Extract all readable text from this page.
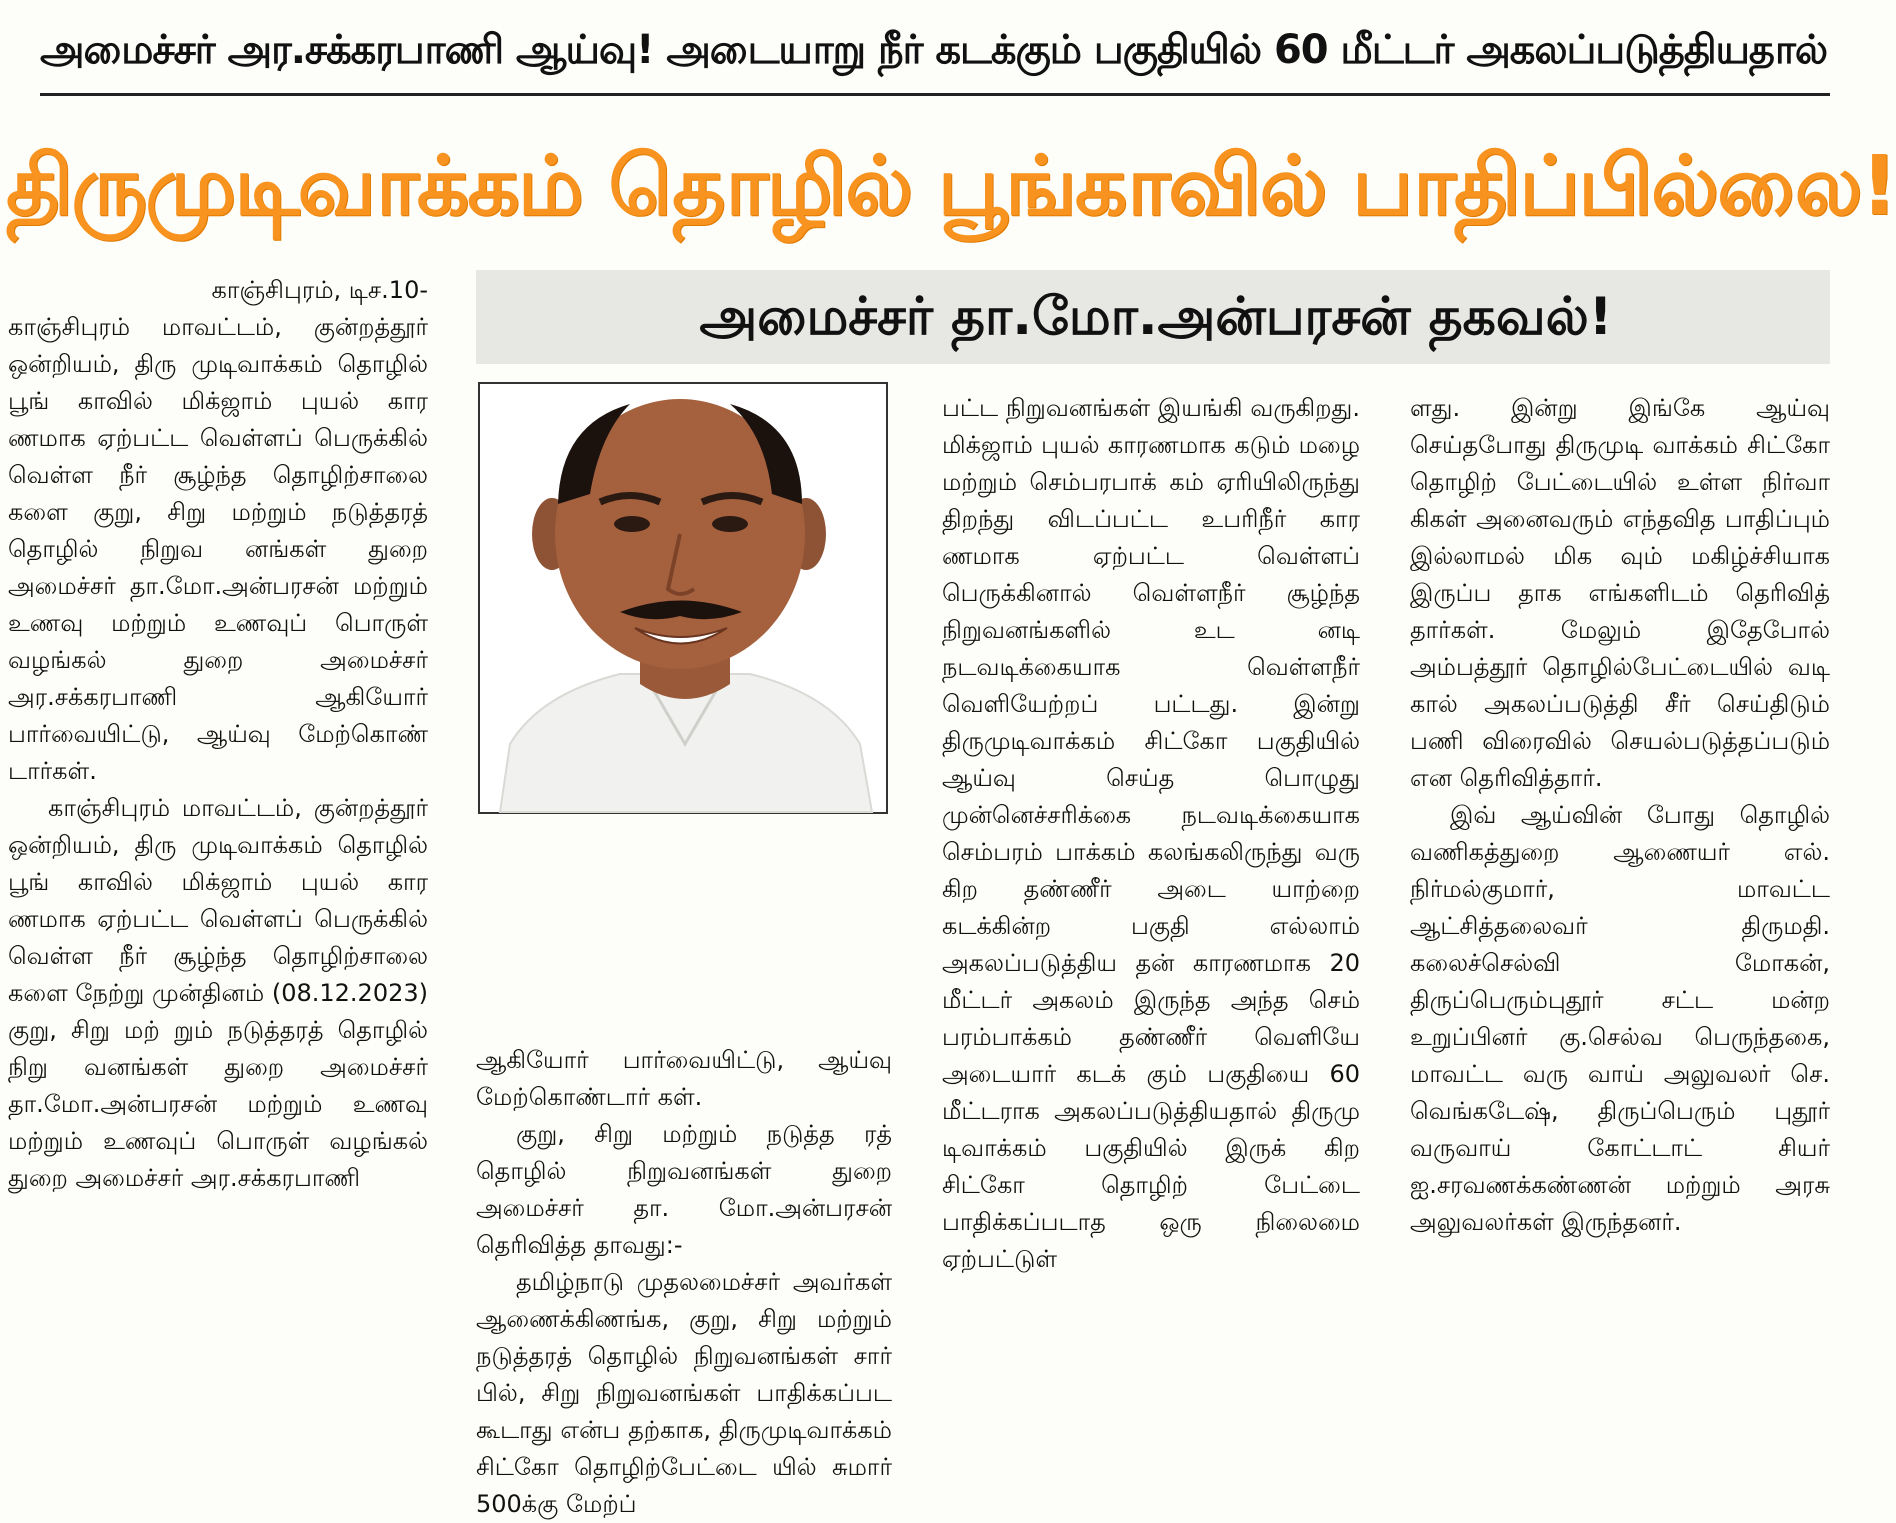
அமைச்சர் அர.சக்கரபாணி ஆய்வு! அடையாறு நீர் கடக்கும் பகுதியில் 60 மீட்டர் அகலப்படுத்தியதால்
திருமுடிவாக்கம் தொழில் பூங்காவில் பாதிப்பில்லை!
அமைச்சர் தா.மோ.அன்பரசன் தகவல்!
காஞ்சிபுரம், டிச.10-

காஞ்சிபுரம் மாவட்டம், குன்றத்தூர் ஒன்றியம், திரு முடிவாக்கம் தொழில் பூங் காவில் மிக்ஜாம் புயல் கார ணமாக ஏற்பட்ட வெள்ளப் பெருக்கில் வெள்ள நீர் சூழ்ந்த தொழிற்சாலை களை குறு, சிறு மற்றும் நடுத்தரத் தொழில் நிறுவ னங்கள் துறை அமைச்சர் தா.மோ.அன்பரசன் மற்றும் உணவு மற்றும் உணவுப் பொருள் வழங்கல் துறை அமைச்சர் அர.சக்கரபாணி ஆகியோர் பார்வையிட்டு, ஆய்வு மேற்கொண் டார்கள்.

காஞ்சிபுரம் மாவட்டம், குன்றத்தூர் ஒன்றியம், திரு முடிவாக்கம் தொழில் பூங் காவில் மிக்ஜாம் புயல் கார ணமாக ஏற்பட்ட வெள்ளப் பெருக்கில் வெள்ள நீர் சூழ்ந்த தொழிற்சாலை களை நேற்று முன்தினம் (08.12.2023) குறு, சிறு மற் றும் நடுத்தரத் தொழில் நிறு வனங்கள் துறை அமைச்சர் தா.மோ.அன்பரசன் மற்றும் உணவு மற்றும் உணவுப் பொருள் வழங்கல் துறை அமைச்சர் அர.சக்கரபாணி

ஆகியோர் பார்வையிட்டு, ஆய்வு மேற்கொண்டார் கள்.

குறு, சிறு மற்றும் நடுத்த ரத் தொழில் நிறுவனங்கள் துறை அமைச்சர் தா. மோ.அன்பரசன் தெரிவித்த தாவது:-

தமிழ்நாடு முதலமைச்சர் அவர்கள் ஆணைக்கிணங்க, குறு, சிறு மற்றும் நடுத்தரத் தொழில் நிறுவனங்கள் சார் பில், சிறு நிறுவனங்கள் பாதிக்கப்பட கூடாது என்ப தற்காக, திருமுடிவாக்கம் சிட்கோ தொழிற்பேட்டை யில் சுமார் 500க்கு மேற்ப்

பட்ட நிறுவனங்கள் இயங்கி வருகிறது. மிக்ஜாம் புயல் காரணமாக கடும் மழை மற்றும் செம்பரபாக் கம் ஏரியிலிருந்து திறந்து விடப்பட்ட உபரிநீர் கார ணமாக ஏற்பட்ட வெள்ளப் பெருக்கினால் வெள்ளநீர் சூழ்ந்த நிறுவனங்களில் உட னடி நடவடிக்கையாக வெள்ளநீர் வெளியேற்றப் பட்டது. இன்று திருமுடிவாக்கம் சிட்கோ பகுதியில் ஆய்வு செய்த பொழுது முன்னெச்சரிக்கை நடவடிக்கையாக செம்பரம் பாக்கம் கலங்கலிருந்து வரு கிற தண்ணீர் அடை யாற்றை கடக்கின்ற பகுதி எல்லாம் அகலப்படுத்திய தன் காரணமாக 20 மீட்டர் அகலம் இருந்த அந்த செம் பரம்பாக்கம் தண்ணீர் வெளியே அடையார் கடக் கும் பகுதியை 60 மீட்டராக அகலப்படுத்தியதால் திருமு டிவாக்கம் பகுதியில் இருக் கிற சிட்கோ தொழிற் பேட்டை பாதிக்கப்படாத ஒரு நிலைமை ஏற்பட்டுள்

ளது. இன்று இங்கே ஆய்வு செய்தபோது திருமுடி வாக்கம் சிட்கோ தொழிற் பேட்டையில் உள்ள நிர்வா கிகள் அனைவரும் எந்தவித பாதிப்பும் இல்லாமல் மிக வும் மகிழ்ச்சியாக இருப்ப தாக எங்களிடம் தெரிவித் தார்கள். மேலும் இதேபோல் அம்பத்தூர் தொழில்பேட்டையில் வடி கால் அகலப்படுத்தி சீர் செய்திடும் பணி விரைவில் செயல்படுத்தப்படும் என தெரிவித்தார்.

இவ் ஆய்வின் போது தொழில் வணிகத்துறை ஆணையர் எல். நிர்மல்குமார், மாவட்ட ஆட்சித்தலைவர் திருமதி. கலைச்செல்வி மோகன், திருப்பெரும்புதூர் சட்ட மன்ற உறுப்பினர் கு.செல்வ பெருந்தகை, மாவட்ட வரு வாய் அலுவலர் செ. வெங்கடேஷ், திருப்பெரும் புதூர் வருவாய் கோட்டாட் சியர் ஐ.சரவணக்கண்ணன் மற்றும் அரசு அலுவலர்கள் இருந்தனர்.
